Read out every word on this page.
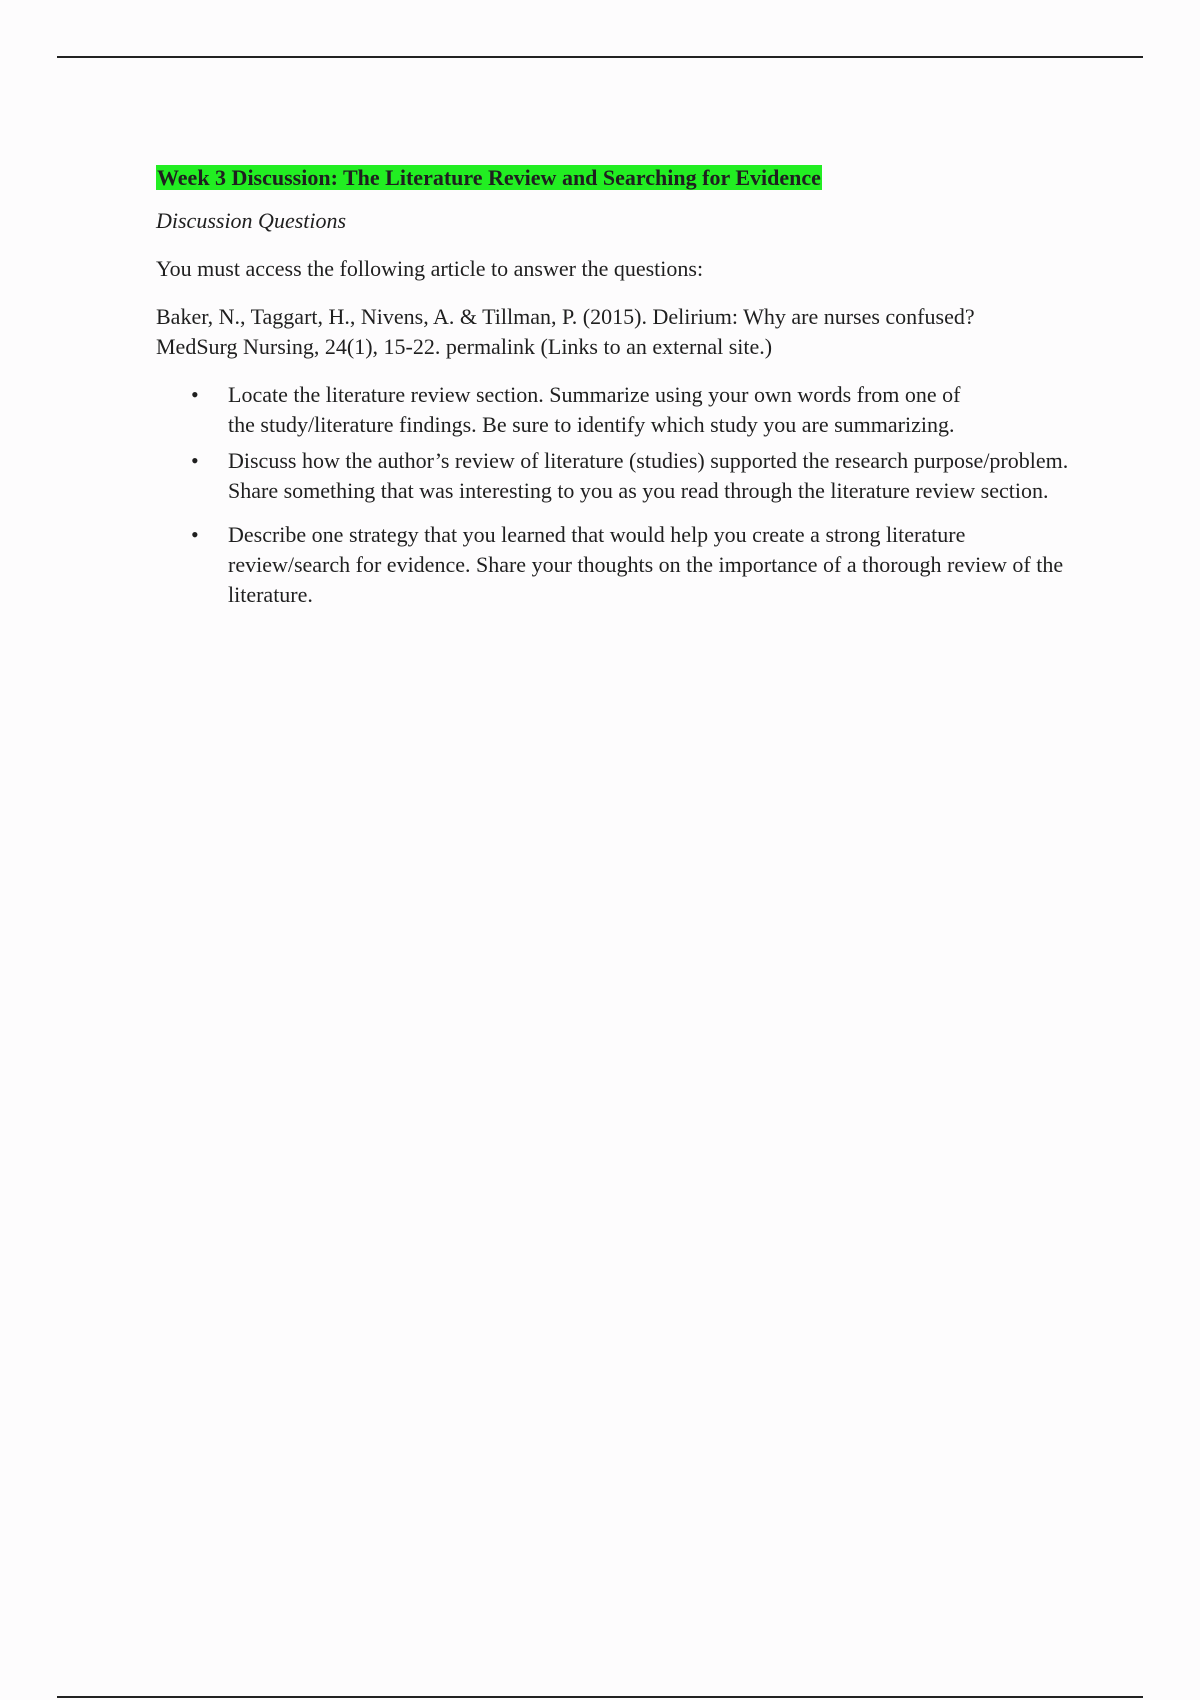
Week 3 Discussion: The Literature Review and Searching for Evidence

Discussion Questions

You must access the following article to answer the questions:

Baker, N., Taggart, H., Nivens, A. & Tillman, P. (2015). Delirium: Why are nurses confused? MedSurg Nursing, 24(1), 15-22. permalink (Links to an external site.)

• Locate the literature review section. Summarize using your own words from one of the study/literature findings. Be sure to identify which study you are summarizing.
• Discuss how the author’s review of literature (studies) supported the research purpose/problem. Share something that was interesting to you as you read through the literature review section.
• Describe one strategy that you learned that would help you create a strong literature review/search for evidence. Share your thoughts on the importance of a thorough review of the literature.
